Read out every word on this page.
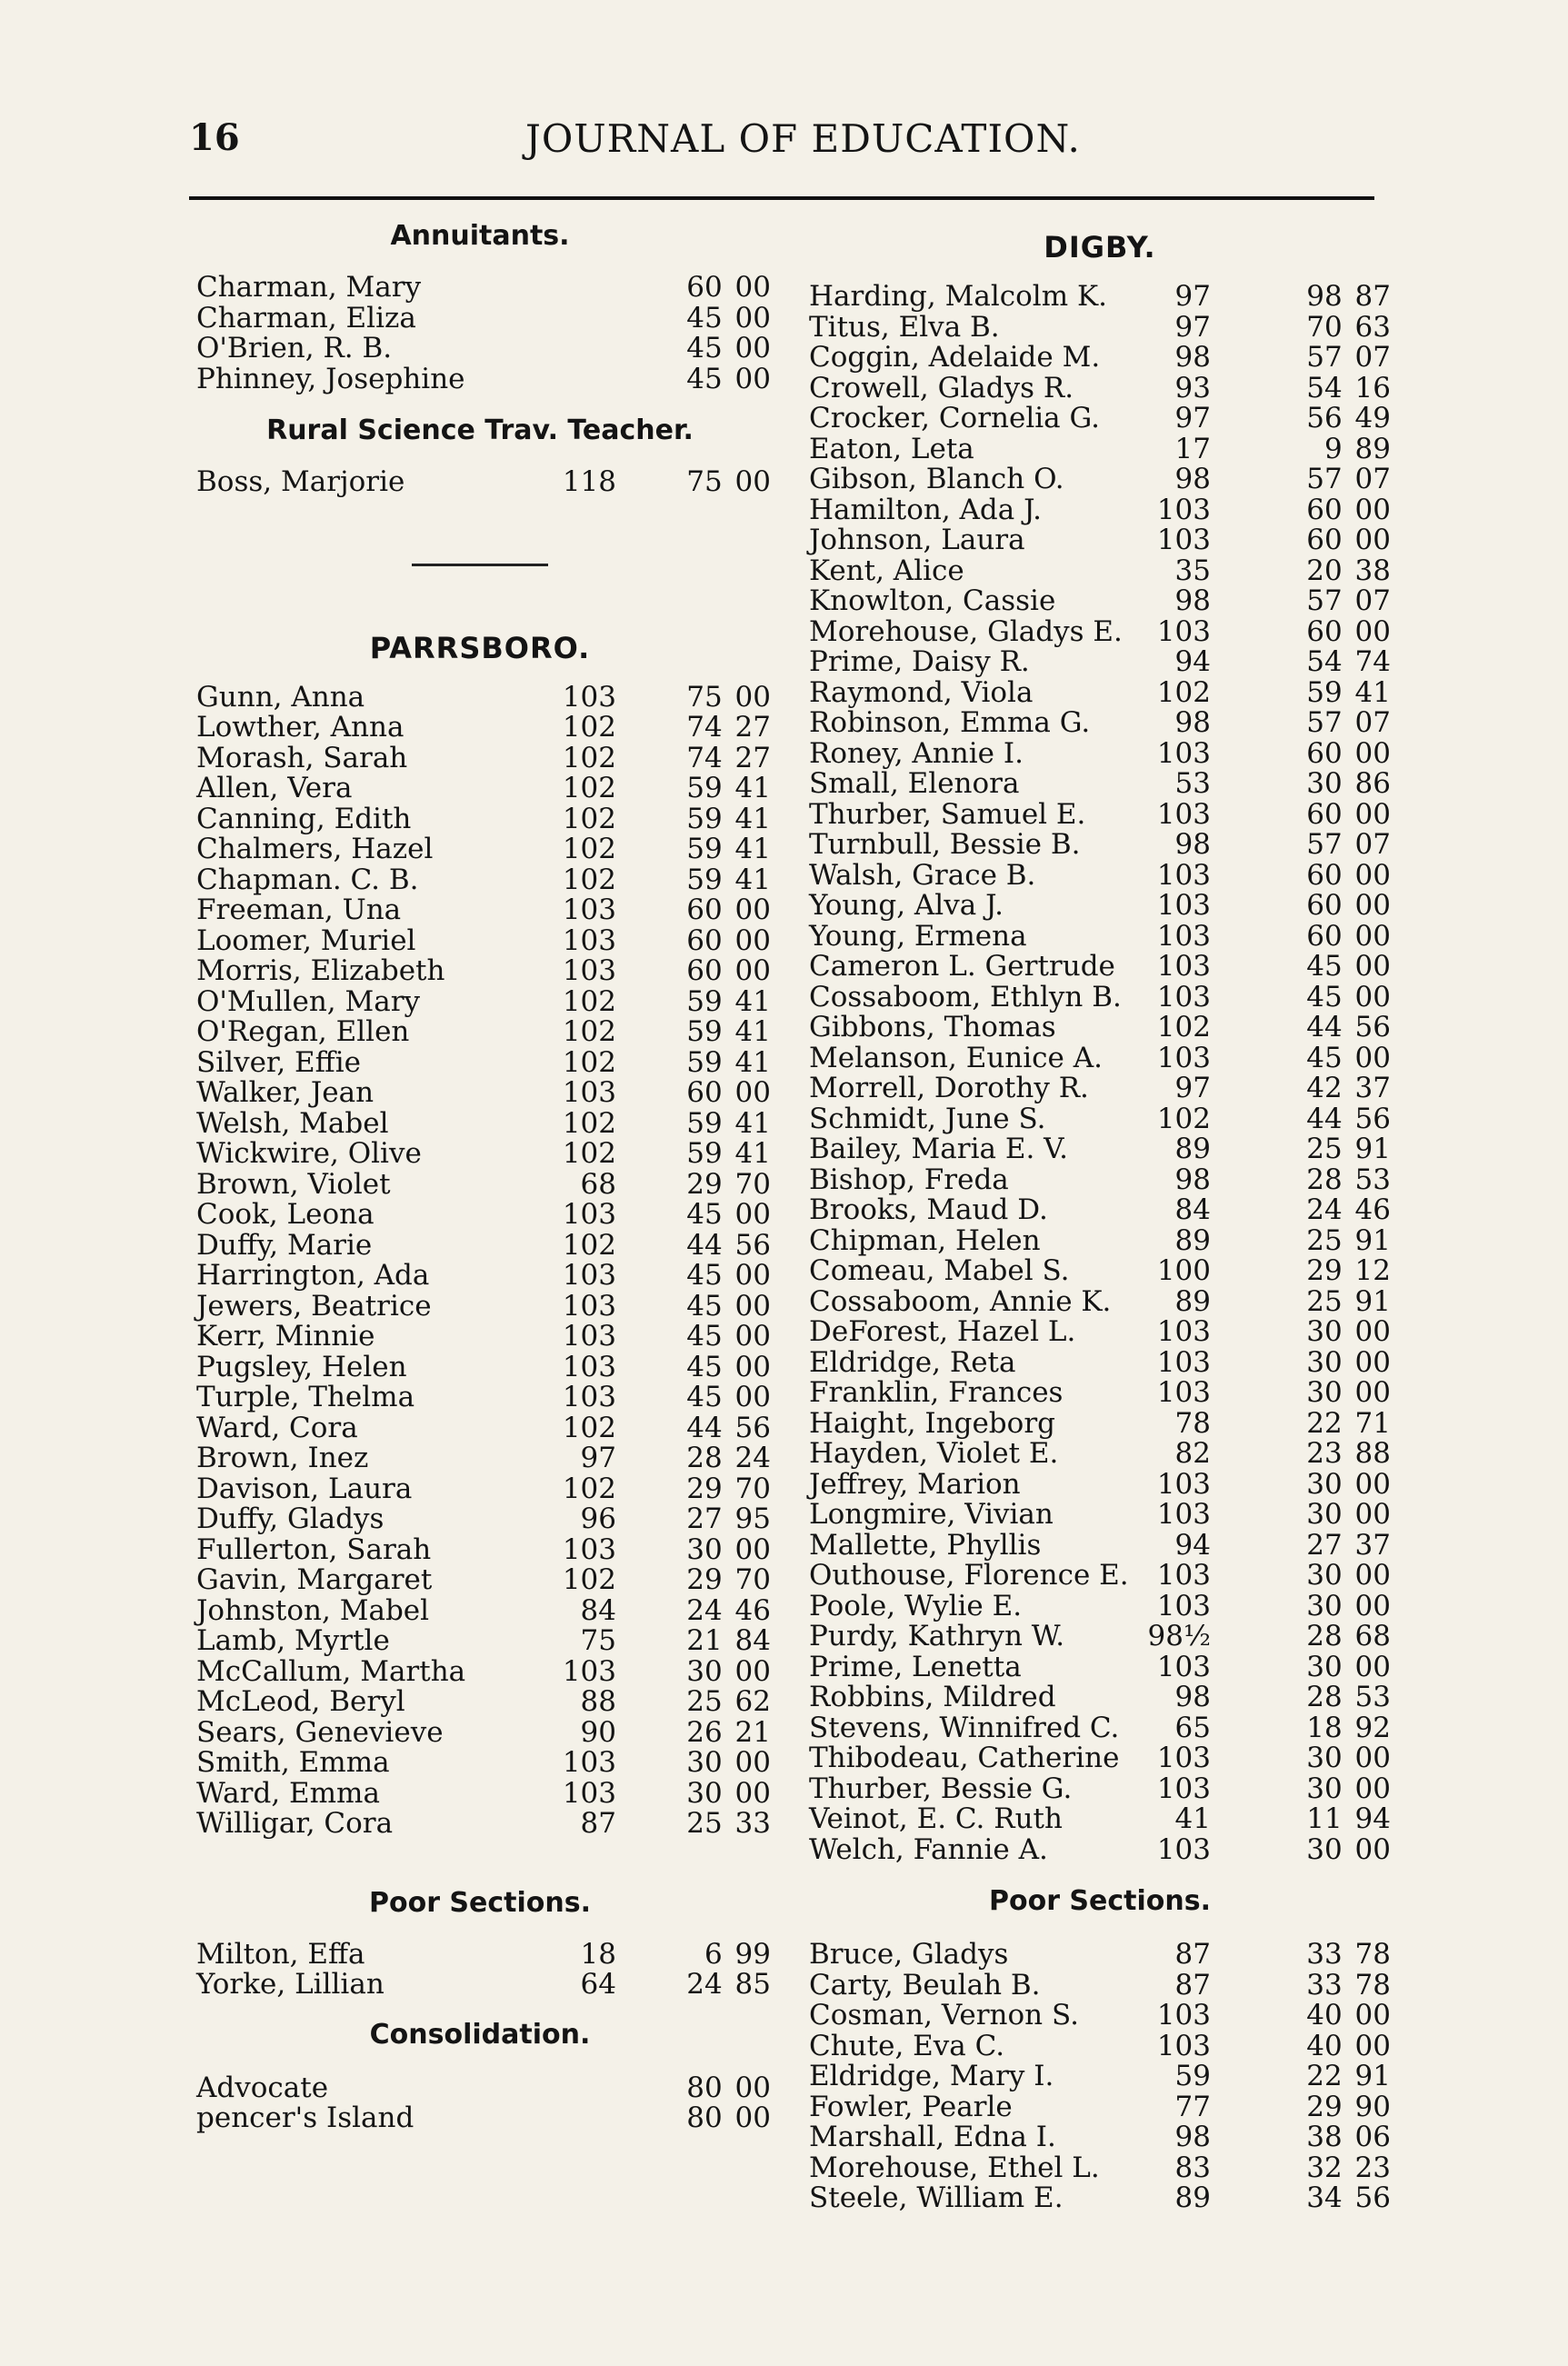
16	JOURNAL OF EDUCATION.
Annuitants.
Charman, Mary	60 00
Charman, Eliza	45 00
O'Brien, R. B.	45 00
Phinney, Josephine	45 00
Rural Science Trav. Teacher.
Boss, Marjorie	118	75 00
PARRSBORO.
Gunn, Anna	103	75 00
Lowther, Anna	102	74 27
Morash, Sarah	102	74 27
Allen, Vera	102	59 41
Canning, Edith	102	59 41
Chalmers, Hazel	102	59 41
Chapman. C. B.	102	59 41
Freeman, Una	103	60 00
Loomer, Muriel	103	60 00
Morris, Elizabeth	103	60 00
O'Mullen, Mary	102	59 41
O'Regan, Ellen	102	59 41
Silver, Effie	102	59 41
Walker, Jean	103	60 00
Welsh, Mabel	102	59 41
Wickwire, Olive	102	59 41
Brown, Violet	68	29 70
Cook, Leona	103	45 00
Duffy, Marie	102	44 56
Harrington, Ada	103	45 00
Jewers, Beatrice	103	45 00
Kerr, Minnie	103	45 00
Pugsley, Helen	103	45 00
Turple, Thelma	103	45 00
Ward, Cora	102	44 56
Brown, Inez	97	28 24
Davison, Laura	102	29 70
Duffy, Gladys	96	27 95
Fullerton, Sarah	103	30 00
Gavin, Margaret	102	29 70
Johnston, Mabel	84	24 46
Lamb, Myrtle	75	21 84
McCallum, Martha	103	30 00
McLeod, Beryl	88	25 62
Sears, Genevieve	90	26 21
Smith, Emma	103	30 00
Ward, Emma	103	30 00
Willigar, Cora	87	25 33
Poor Sections.
Milton, Effa	18	6 99
Yorke, Lillian	64	24 85
Consolidation.
Advocate	80 00
pencer's Island	80 00
DIGBY.
Harding, Malcolm K.	97	98 87
Titus, Elva B.	97	70 63
Coggin, Adelaide M.	98	57 07
Crowell, Gladys R.	93	54 16
Crocker, Cornelia G.	97	56 49
Eaton, Leta	17	9 89
Gibson, Blanch O.	98	57 07
Hamilton, Ada J.	103	60 00
Johnson, Laura	103	60 00
Kent, Alice	35	20 38
Knowlton, Cassie	98	57 07
Morehouse, Gladys E.	103	60 00
Prime, Daisy R.	94	54 74
Raymond, Viola	102	59 41
Robinson, Emma G.	98	57 07
Roney, Annie I.	103	60 00
Small, Elenora	53	30 86
Thurber, Samuel E.	103	60 00
Turnbull, Bessie B.	98	57 07
Walsh, Grace B.	103	60 00
Young, Alva J.	103	60 00
Young, Ermena	103	60 00
Cameron L. Gertrude	103	45 00
Cossaboom, Ethlyn B.	103	45 00
Gibbons, Thomas	102	44 56
Melanson, Eunice A.	103	45 00
Morrell, Dorothy R.	97	42 37
Schmidt, June S.	102	44 56
Bailey, Maria E. V.	89	25 91
Bishop, Freda	98	28 53
Brooks, Maud D.	84	24 46
Chipman, Helen	89	25 91
Comeau, Mabel S.	100	29 12
Cossaboom, Annie K.	89	25 91
DeForest, Hazel L.	103	30 00
Eldridge, Reta	103	30 00
Franklin, Frances	103	30 00
Haight, Ingeborg	78	22 71
Hayden, Violet E.	82	23 88
Jeffrey, Marion	103	30 00
Longmire, Vivian	103	30 00
Mallette, Phyllis	94	27 37
Outhouse, Florence E.	103	30 00
Poole, Wylie E.	103	30 00
Purdy, Kathryn W.	98½	28 68
Prime, Lenetta	103	30 00
Robbins, Mildred	98	28 53
Stevens, Winnifred C.	65	18 92
Thibodeau, Catherine	103	30 00
Thurber, Bessie G.	103	30 00
Veinot, E. C. Ruth	41	11 94
Welch, Fannie A.	103	30 00
Poor Sections.
Bruce, Gladys	87	33 78
Carty, Beulah B.	87	33 78
Cosman, Vernon S.	103	40 00
Chute, Eva C.	103	40 00
Eldridge, Mary I.	59	22 91
Fowler, Pearle	77	29 90
Marshall, Edna I.	98	38 06
Morehouse, Ethel L.	83	32 23
Steele, William E.	89	34 56
